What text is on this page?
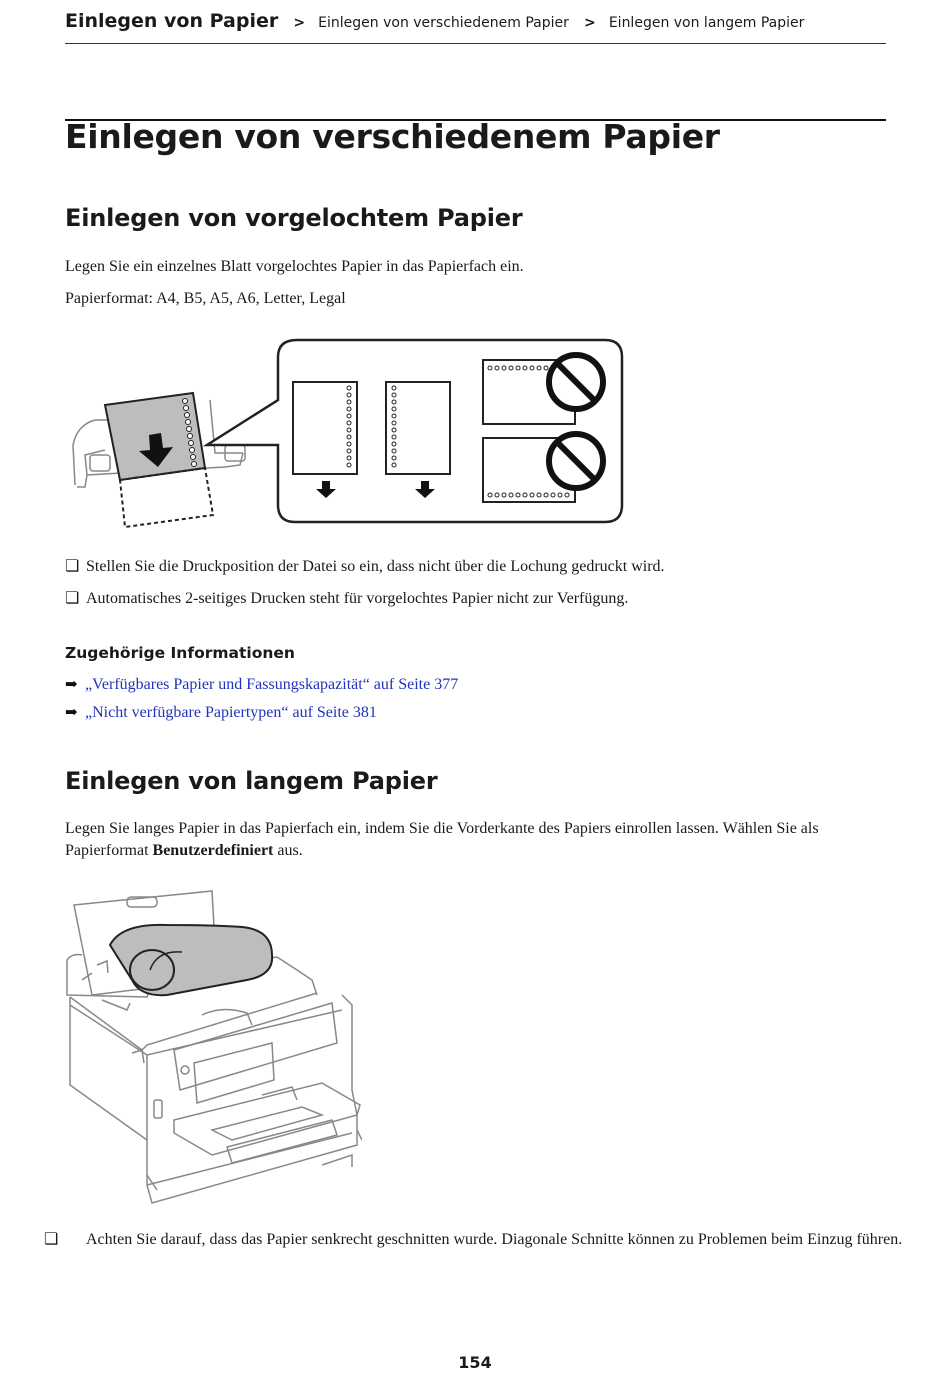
Einlegen von Papier > Einlegen von verschiedenem Papier > Einlegen von langem Papier
Einlegen von verschiedenem Papier
Einlegen von vorgelochtem Papier

Legen Sie ein einzelnes Blatt vorgelochtes Papier in das Papierfach ein.

Papierformat: A4, B5, A5, A6, Letter, Legal

❏ Stellen Sie die Druckposition der Datei so ein, dass nicht über die Lochung gedruckt wird.
❏ Automatisches 2-seitiges Drucken steht für vorgelochtes Papier nicht zur Verfügung.
Zugehörige Informationen
➡ „Verfügbares Papier und Fassungskapazität“ auf Seite 377
➡ „Nicht verfügbare Papiertypen“ auf Seite 381
Einlegen von langem Papier

Legen Sie langes Papier in das Papierfach ein, indem Sie die Vorderkante des Papiers einrollen lassen. Wählen Sie als Papierformat Benutzerdefiniert aus.

❏ Achten Sie darauf, dass das Papier senkrecht geschnitten wurde. Diagonale Schnitte können zu Problemen beim Einzug führen.
154
